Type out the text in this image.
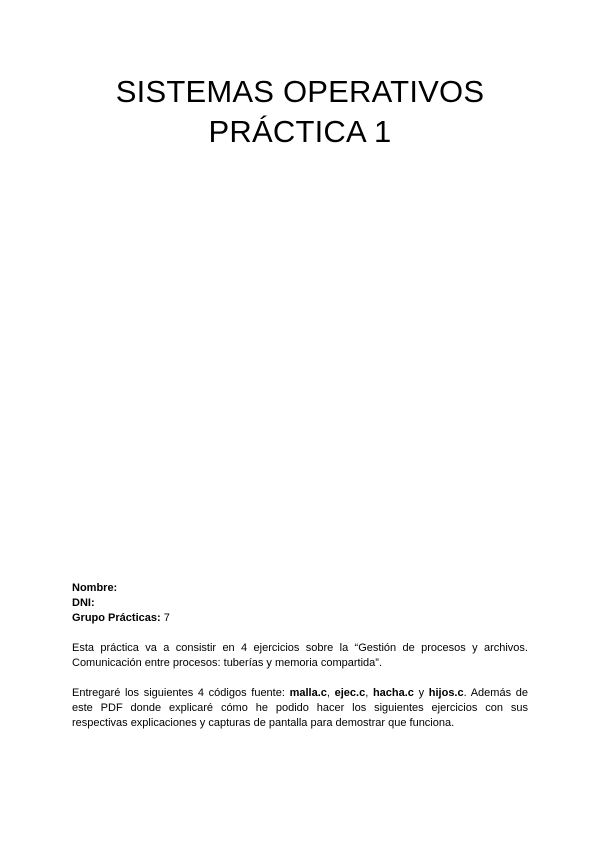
SISTEMAS OPERATIVOS
PRÁCTICA 1
Nombre:
DNI:
Grupo Prácticas: 7

Esta práctica va a consistir en 4 ejercicios sobre la “Gestión de procesos y archivos. Comunicación entre procesos: tuberías y memoria compartida”.

Entregaré los siguientes 4 códigos fuente: malla.c, ejec.c, hacha.c y hijos.c. Además de este PDF donde explicaré cómo he podido hacer los siguientes ejercicios con sus respectivas explicaciones y capturas de pantalla para demostrar que funciona.
